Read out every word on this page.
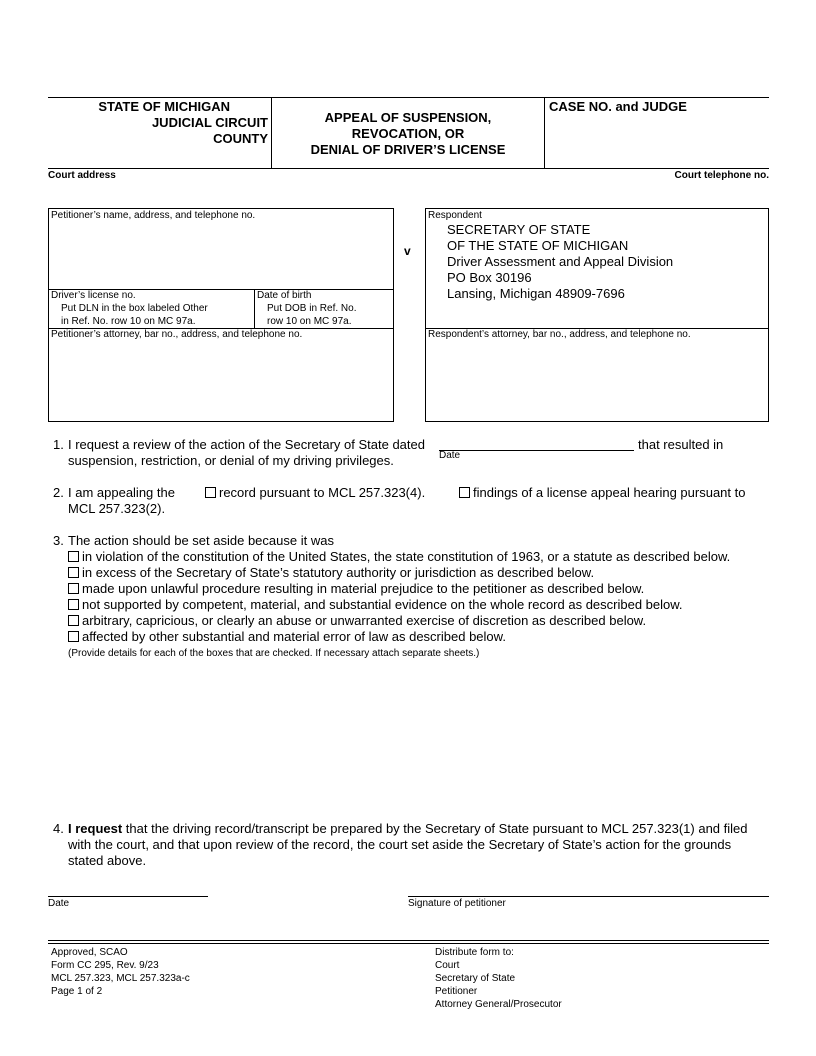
STATE OF MICHIGAN
JUDICIAL CIRCUIT
COUNTY
APPEAL OF SUSPENSION,
REVOCATION, OR
DENIAL OF DRIVER’S LICENSE
CASE NO. and JUDGE
Court address	Court telephone no.
Petitioner’s name, address, and telephone no.
Driver’s license no.
Put DLN in the box labeled Other
in Ref. No. row 10 on MC 97a.
Date of birth
Put DOB in Ref. No.
row 10 on MC 97a.
Petitioner’s attorney, bar no., address, and telephone no.
v
Respondent
SECRETARY OF STATE
OF THE STATE OF MICHIGAN
Driver Assessment and Appeal Division
PO Box 30196
Lansing, Michigan 48909-7696
Respondent’s attorney, bar no., address, and telephone no.
1. I request a review of the action of the Secretary of State dated	that resulted in
Date
suspension, restriction, or denial of my driving privileges.
2. I am appealing the	record pursuant to MCL 257.323(4).	findings of a license appeal hearing pursuant to
MCL 257.323(2).
3. The action should be set aside because it was
in violation of the constitution of the United States, the state constitution of 1963, or a statute as described below.
in excess of the Secretary of State’s statutory authority or jurisdiction as described below.
made upon unlawful procedure resulting in material prejudice to the petitioner as described below.
not supported by competent, material, and substantial evidence on the whole record as described below.
arbitrary, capricious, or clearly an abuse or unwarranted exercise of discretion as described below.
affected by other substantial and material error of law as described below.
(Provide details for each of the boxes that are checked. If necessary attach separate sheets.)
4. I request that the driving record/transcript be prepared by the Secretary of State pursuant to MCL 257.323(1) and filed
with the court, and that upon review of the record, the court set aside the Secretary of State’s action for the grounds
stated above.
Date	Signature of petitioner
Approved, SCAO
Form CC 295, Rev. 9/23
MCL 257.323, MCL 257.323a-c
Page 1 of 2
Distribute form to:
Court
Secretary of State
Petitioner
Attorney General/Prosecutor
